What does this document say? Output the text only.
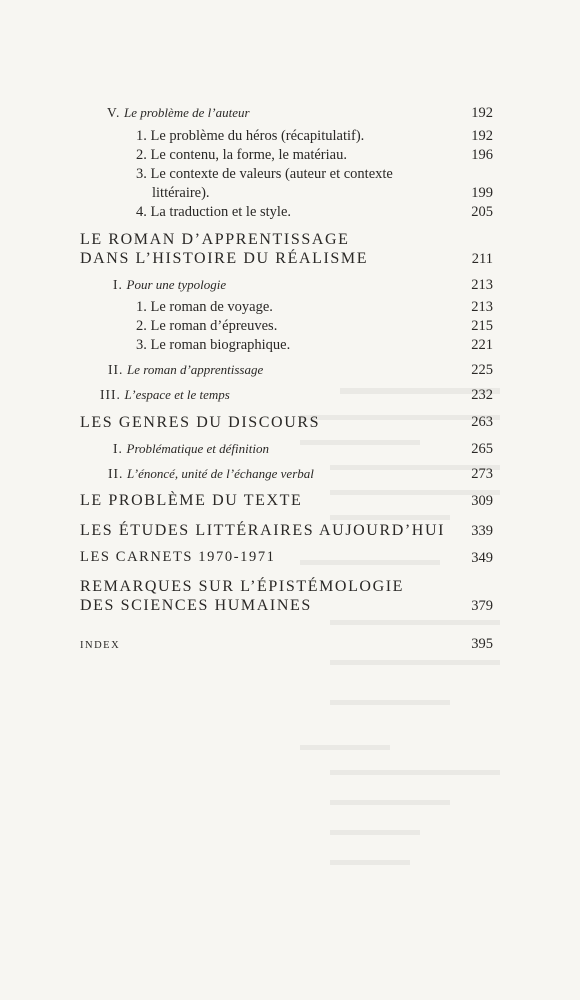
V. Le problème de l’auteur	192
1. Le problème du héros (récapitulatif).	192
2. Le contenu, la forme, le matériau.	196
3. Le contexte de valeurs (auteur et contexte
littéraire).	199
4. La traduction et le style.	205
LE ROMAN D’APPRENTISSAGE
DANS L’HISTOIRE DU RÉALISME	211
I. Pour une typologie	213
1. Le roman de voyage.	213
2. Le roman d’épreuves.	215
3. Le roman biographique.	221
II. Le roman d’apprentissage	225
III. L’espace et le temps	232
LES GENRES DU DISCOURS	263
I. Problématique et définition	265
II. L’énoncé, unité de l’échange verbal	273
LE PROBLÈME DU TEXTE	309
LES ÉTUDES LITTÉRAIRES AUJOURD’HUI 339
LES CARNETS 1970-1971	349
REMARQUES SUR L’ÉPISTÉMOLOGIE
DES SCIENCES HUMAINES	379
INDEX	395
